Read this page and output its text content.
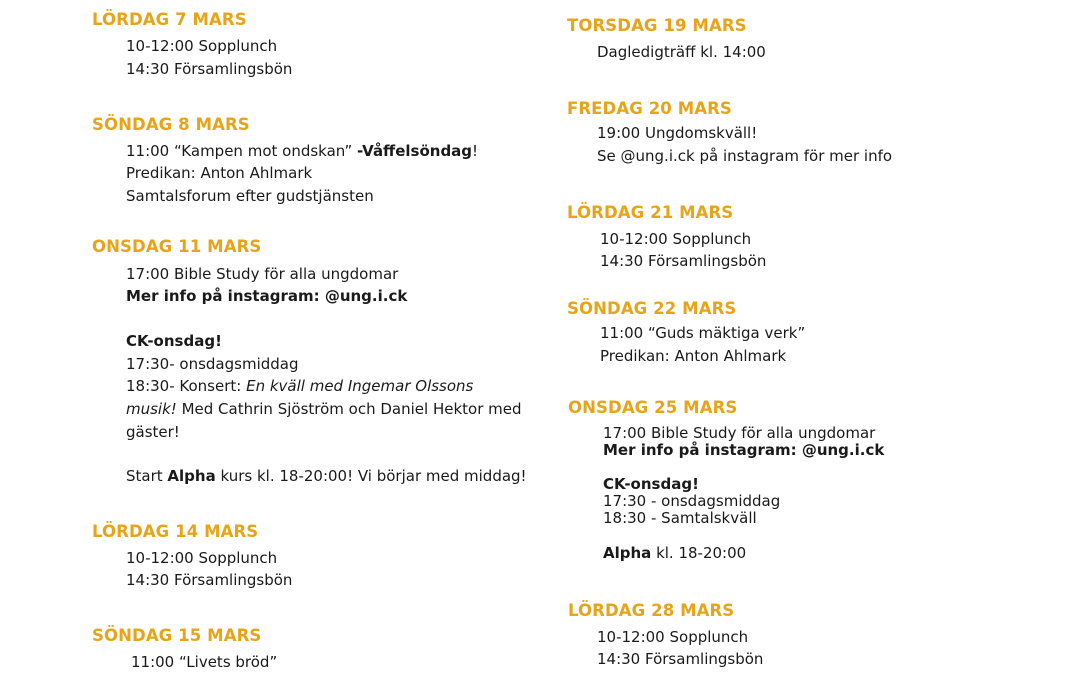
LÖRDAG 7 MARS
10-12:00 Sopplunch
14:30 Församlingsbön
SÖNDAG 8 MARS
11:00 “Kampen mot ondskan” -Våffelsöndag!
Predikan: Anton Ahlmark
Samtalsforum efter gudstjänsten
ONSDAG 11 MARS
17:00 Bible Study för alla ungdomar
Mer info på instagram: @ung.i.ck
CK-onsdag!
17:30- onsdagsmiddag
18:30- Konsert: En kväll med Ingemar Olssons
musik! Med Cathrin Sjöström och Daniel Hektor med
gäster!
Start Alpha kurs kl. 18-20:00! Vi börjar med middag!
LÖRDAG 14 MARS
10-12:00 Sopplunch
14:30 Församlingsbön
SÖNDAG 15 MARS
11:00 “Livets bröd”
TORSDAG 19 MARS
Dagledigträff kl. 14:00
FREDAG 20 MARS
19:00 Ungdomskväll!
Se @ung.i.ck på instagram för mer info
LÖRDAG 21 MARS
10-12:00 Sopplunch
14:30 Församlingsbön
SÖNDAG 22 MARS
11:00 “Guds mäktiga verk”
Predikan: Anton Ahlmark
ONSDAG 25 MARS
17:00 Bible Study för alla ungdomar
Mer info på instagram: @ung.i.ck
CK-onsdag!
17:30 - onsdagsmiddag
18:30 - Samtalskväll
Alpha kl. 18-20:00
LÖRDAG 28 MARS
10-12:00 Sopplunch
14:30 Församlingsbön
